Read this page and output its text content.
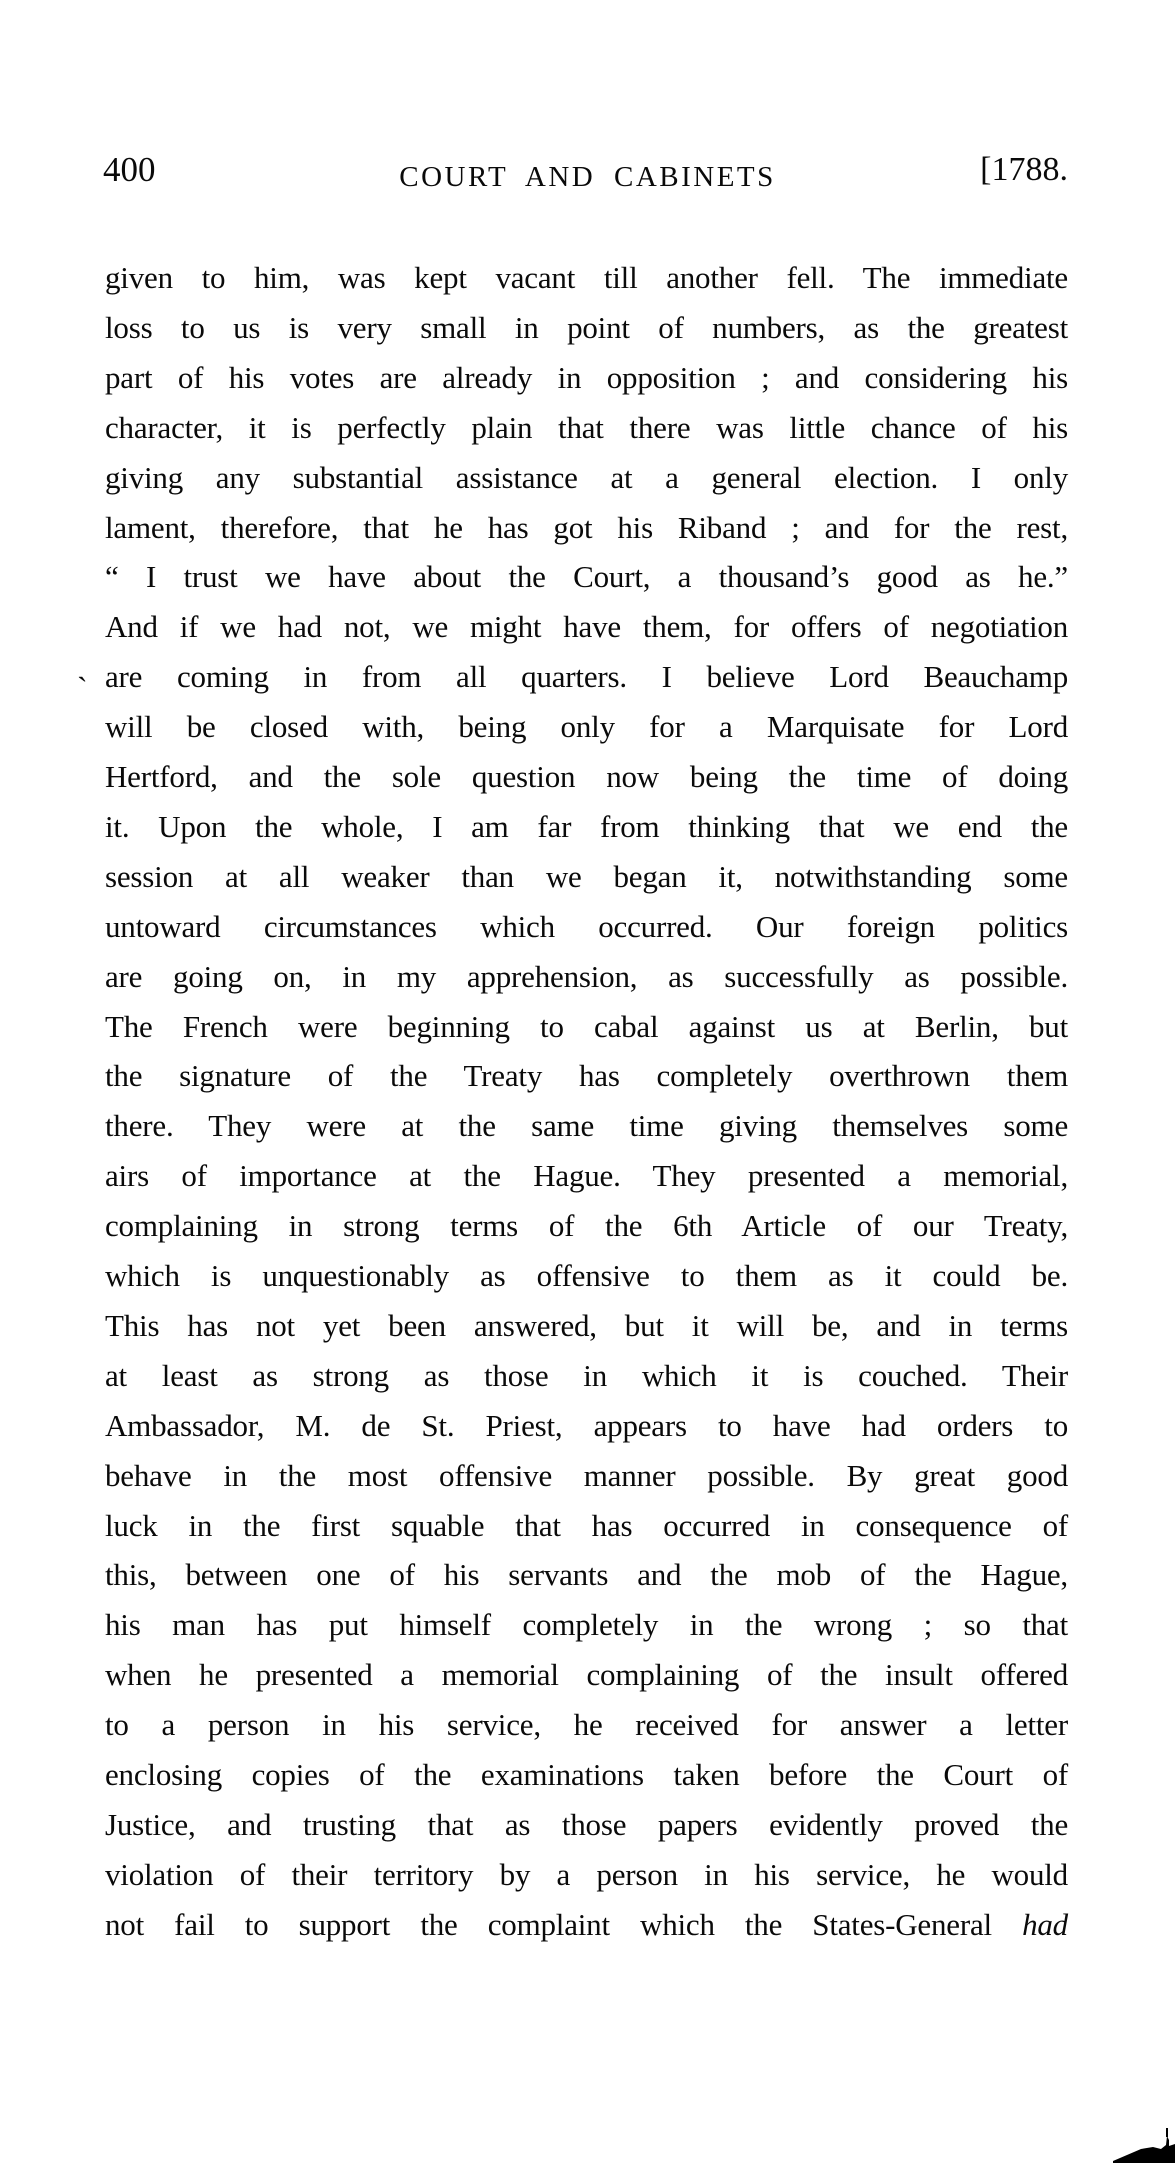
400	COURT AND CABINETS	[1788.
`
given to him, was kept vacant till another fell. The immediate
loss to us is very small in point of numbers, as the greatest
part of his votes are already in opposition ; and considering his
character, it is perfectly plain that there was little chance of his
giving any substantial assistance at a general election. I only
lament, therefore, that he has got his Riband ; and for the rest,
“ I trust we have about the Court, a thousand’s good as he.”
And if we had not, we might have them, for offers of negotiation
are coming in from all quarters. I believe Lord Beauchamp
will be closed with, being only for a Marquisate for Lord
Hertford, and the sole question now being the time of doing
it. Upon the whole, I am far from thinking that we end the
session at all weaker than we began it, notwithstanding some
untoward circumstances which occurred. Our foreign politics
are going on, in my apprehension, as successfully as possible.
The French were beginning to cabal against us at Berlin, but
the signature of the Treaty has completely overthrown them
there. They were at the same time giving themselves some
airs of importance at the Hague. They presented a memorial,
complaining in strong terms of the 6th Article of our Treaty,
which is unquestionably as offensive to them as it could be.
This has not yet been answered, but it will be, and in terms
at least as strong as those in which it is couched. Their
Ambassador, M. de St. Priest, appears to have had orders to
behave in the most offensive manner possible. By great good
luck in the first squable that has occurred in consequence of
this, between one of his servants and the mob of the Hague,
his man has put himself completely in the wrong ; so that
when he presented a memorial complaining of the insult offered
to a person in his service, he received for answer a letter
enclosing copies of the examinations taken before the Court of
Justice, and trusting that as those papers evidently proved the
violation of their territory by a person in his service, he would
not fail to support the complaint which the States-General had
